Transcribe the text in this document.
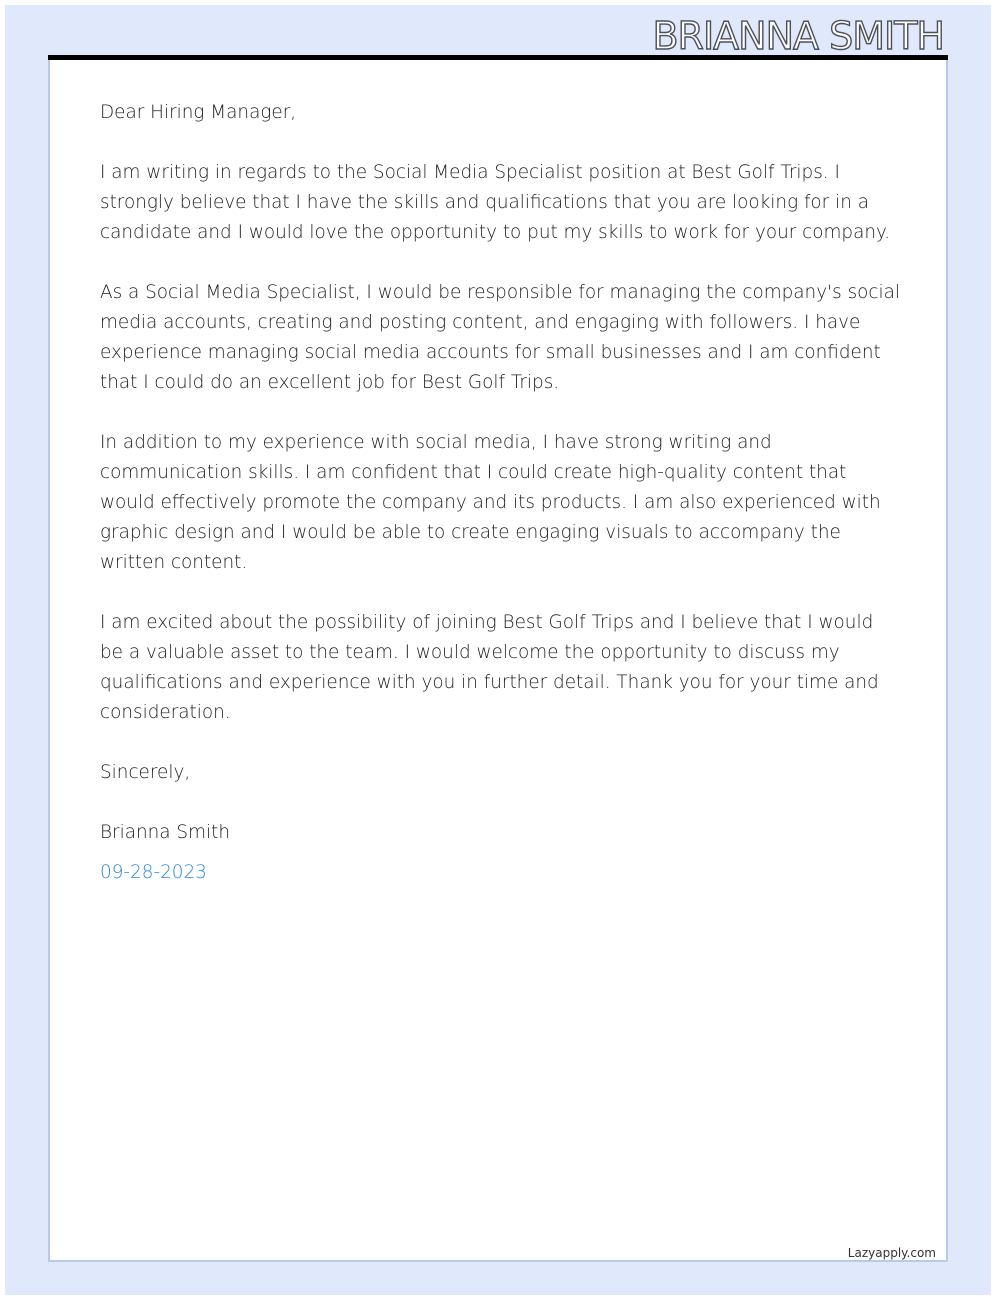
BRIANNA SMITH

Dear Hiring Manager,

I am writing in regards to the Social Media Specialist position at Best Golf Trips. I strongly believe that I have the skills and qualifications that you are looking for in a candidate and I would love the opportunity to put my skills to work for your company.

As a Social Media Specialist, I would be responsible for managing the company's social media accounts, creating and posting content, and engaging with followers. I have experience managing social media accounts for small businesses and I am confident that I could do an excellent job for Best Golf Trips.

In addition to my experience with social media, I have strong writing and communication skills. I am confident that I could create high-quality content that would effectively promote the company and its products. I am also experienced with graphic design and I would be able to create engaging visuals to accompany the written content.

I am excited about the possibility of joining Best Golf Trips and I believe that I would be a valuable asset to the team. I would welcome the opportunity to discuss my qualifications and experience with you in further detail. Thank you for your time and consideration.

Sincerely,

Brianna Smith

09-28-2023

Lazyapply.com
